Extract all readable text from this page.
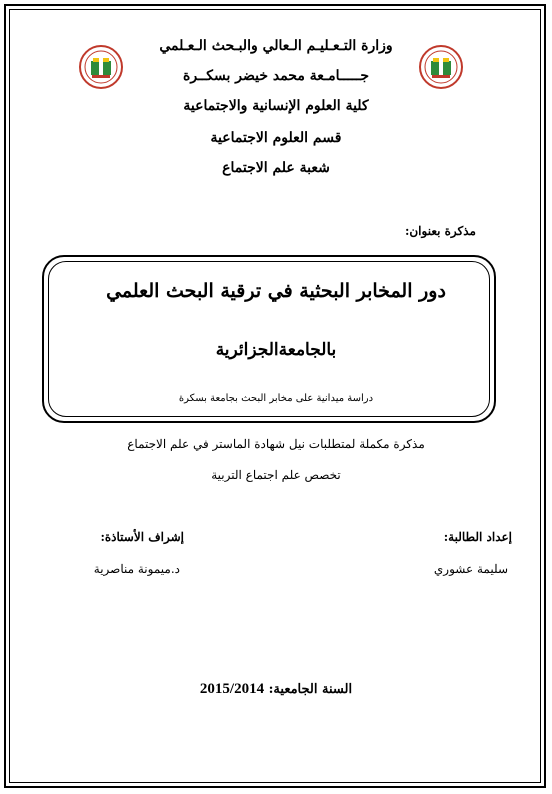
وزارة التـعـليـم الـعالي والبـحث الـعـلمي
جـــــامـعة محمد خيضر بسكــرة
كلية العلوم الإنسانية والاجتماعية
قسم العلوم الاجتماعية
شعبة علم الاجتماع
مذكرة بعنوان:
دور المخابر البحثية في ترقية البحث العلمي
بالجامعةالجزائرية
دراسة ميدانية على مخابر البحث بجامعة بسكرة
مذكرة مكملة لمتطلبات نيل شهادة الماستر في علم الاجتماع
تخصص علم اجتماع التربية
إعداد الطالبة:
سليمة عشوري
إشراف الأستاذة:
د.ميمونة مناصرية
السنة الجامعية: 2015/2014
